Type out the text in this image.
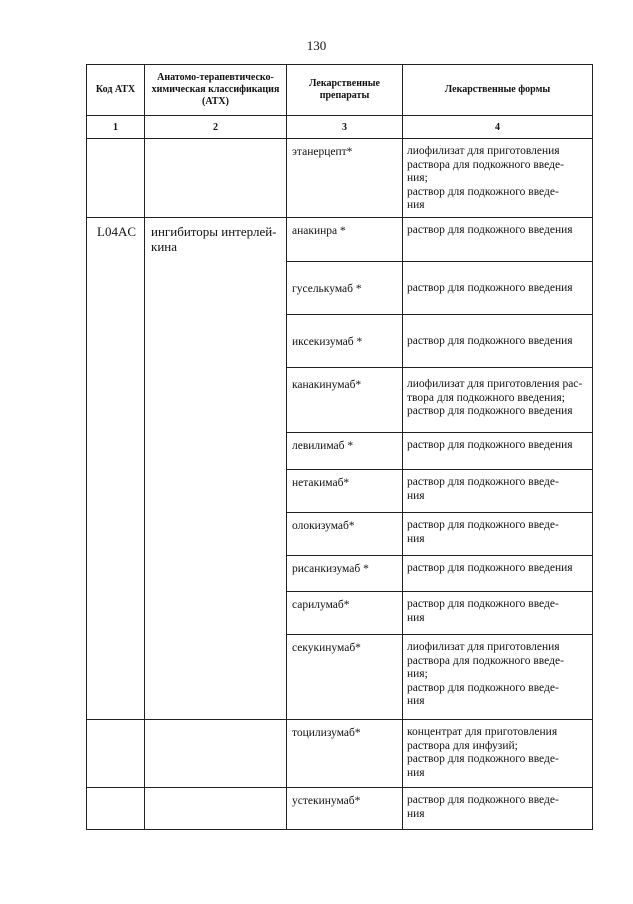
130
Код АТХ	Анатомо-терапевтическо-химическая классификация (АТХ)	Лекарственные препараты	Лекарственные формы
1	2	3	4
		этанерцепт*	лиофилизат для приготовления
раствора для подкожного введе-
ния;
раствор для подкожного введе-
ния

L04AC	ингибиторы интерлей-кина	анакинра *	раствор для подкожного введения

		гуселькумаб *	раствор для подкожного введения

		иксекизумаб *	раствор для подкожного введения

		канакинумаб*	лиофилизат для приготовления рас-
твора для подкожного введения;
раствор для подкожного введения

		левилимаб *	раствор для подкожного введения

		нетакимаб*	раствор для подкожного введе-
ния

		олокизумаб*	раствор для подкожного введе-
ния

		рисанкизумаб *	раствор для подкожного введения

		сарилумаб*	раствор для подкожного введе-
ния

		секукинумаб*	лиофилизат для приготовления
раствора для подкожного введе-
ния;
раствор для подкожного введе-
ния

		тоцилизумаб*	концентрат для приготовления
раствора для инфузий;
раствор для подкожного введе-
ния

		устекинумаб*	раствор для подкожного введе-
ния
